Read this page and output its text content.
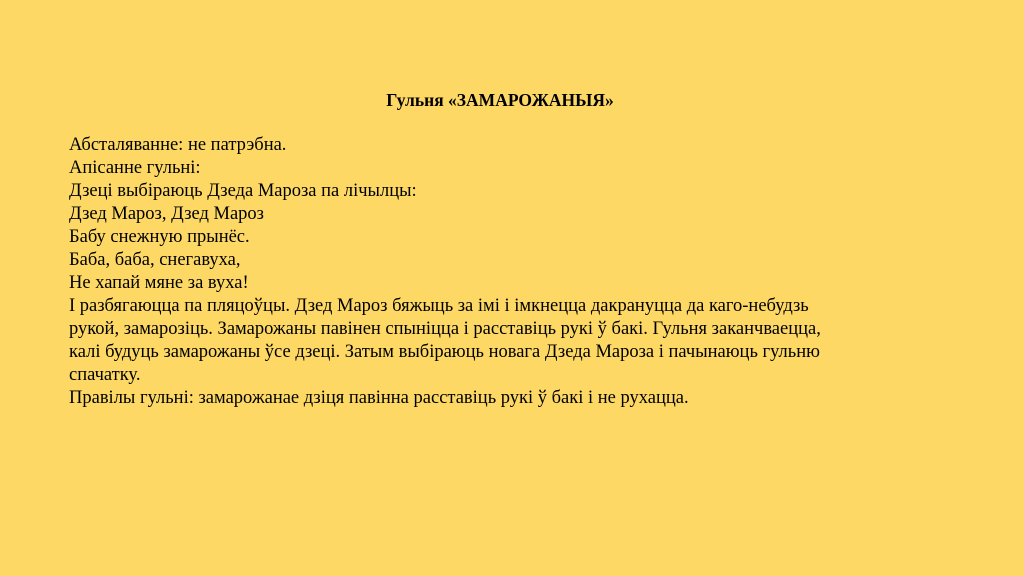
Гульня «ЗАМАРОЖАНЫЯ»
Абсталяванне: не патрэбна.
Апісанне гульні:
Дзеці выбіраюць Дзеда Мароза па лічылцы:
Дзед Мароз, Дзед Мароз
Бабу снежную прынёс.
Баба, баба, снегавуха,
Не хапай мяне за вуха!
І разбягаюцца па пляцоўцы. Дзед Мароз бяжыць за імі і імкнецца дакрануцца да каго-небудзь
рукой, замарозіць. Замарожаны павінен спыніцца і расставіць рукі ў бакі. Гульня заканчваецца,
калі будуць замарожаны ўсе дзеці. Затым выбіраюць новага Дзеда Мароза і пачынаюць гульню
спачатку.
Правілы гульні: замарожанае дзіця павінна расставіць рукі ў бакі і не рухацца.
